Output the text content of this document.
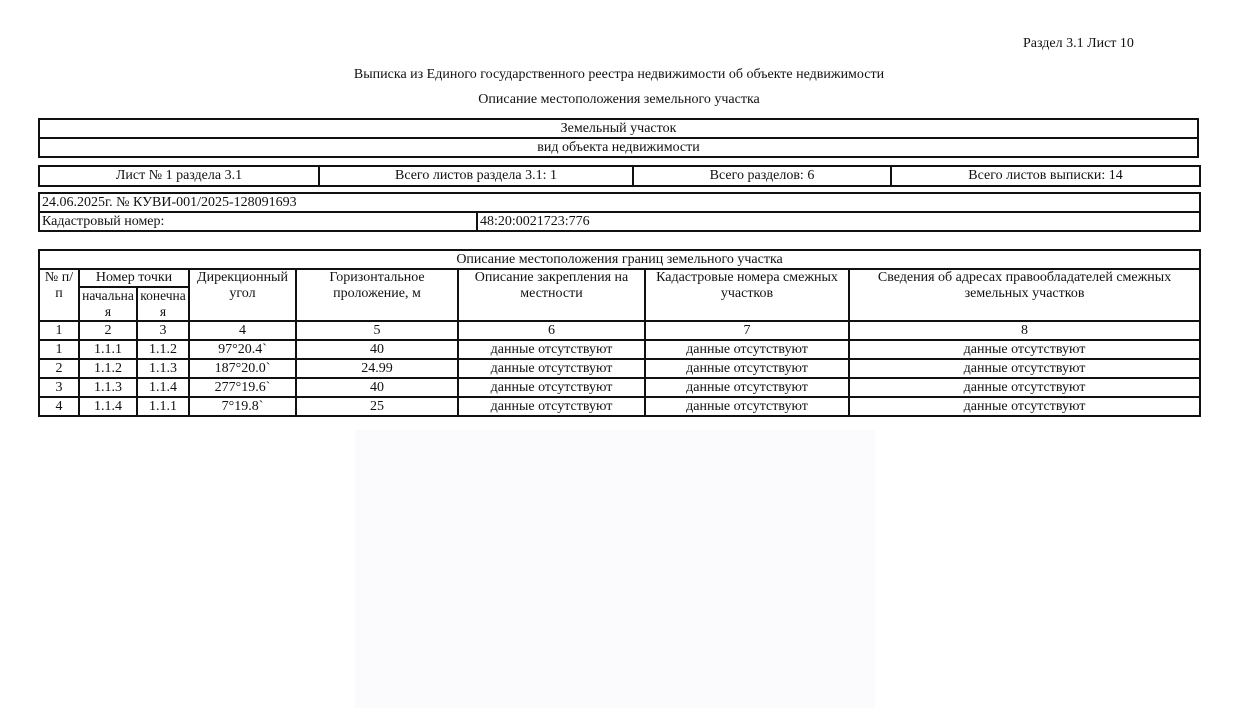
Раздел 3.1 Лист 10
Выписка из Единого государственного реестра недвижимости об объекте недвижимости
Описание местоположения земельного участка
Земельный участок
вид объекта недвижимости
Лист № 1 раздела 3.1	Всего листов раздела 3.1: 1	Всего разделов: 6	Всего листов выписки: 14
24.06.2025г. № КУВИ-001/2025-128091693
Кадастровый номер:	48:20:0021723:776
Описание местоположения границ земельного участка							
№ п/п	Номер точки		Дирекционный угол	Горизонтальное проложение, м	Описание закрепления на местности	Кадастровые номера смежных участков	Сведения об адресах правообладателей смежных земельных участков
	начальная	конечная					
1	2	3	4	5	6	7	8
1	1.1.1	1.1.2	97°20.4`	40	данные отсутствуют	данные отсутствуют	данные отсутствуют
2	1.1.2	1.1.3	187°20.0`	24.99	данные отсутствуют	данные отсутствуют	данные отсутствуют
3	1.1.3	1.1.4	277°19.6`	40	данные отсутствуют	данные отсутствуют	данные отсутствуют
4	1.1.4	1.1.1	7°19.8`	25	данные отсутствуют	данные отсутствуют	данные отсутствуют
